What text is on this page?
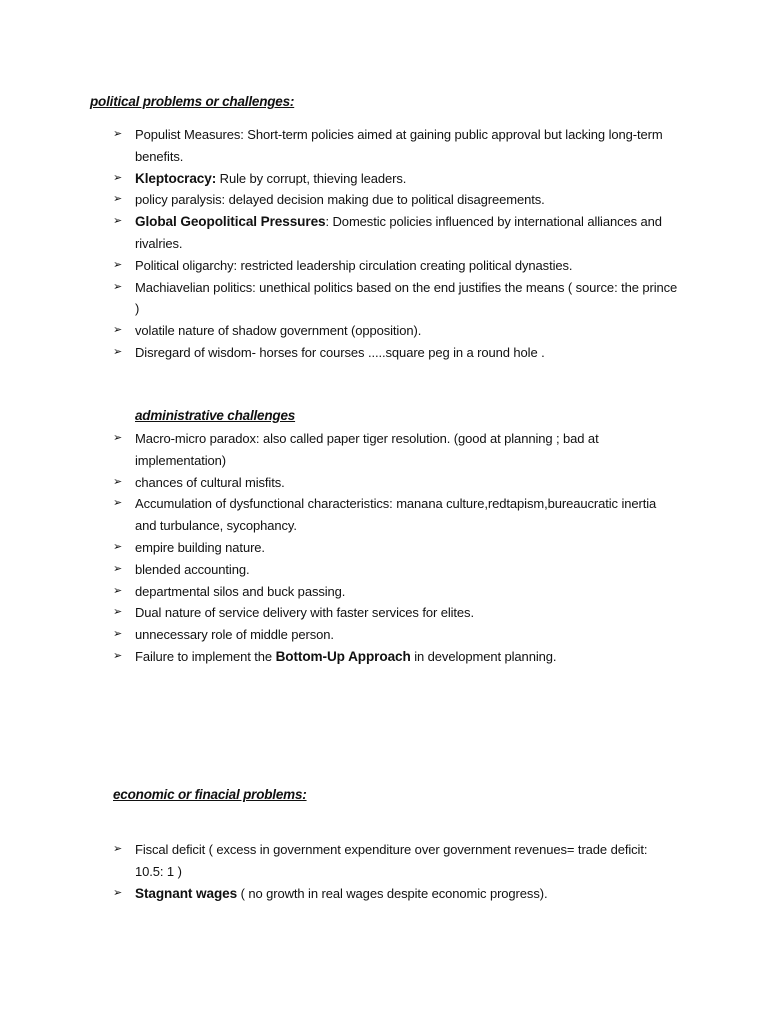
political problems or challenges:
➢ Populist Measures: Short-term policies aimed at gaining public approval but lacking long-term benefits.
➢ Kleptocracy: Rule by corrupt, thieving leaders.
➢ policy paralysis: delayed decision making due to political disagreements.
➢ Global Geopolitical Pressures: Domestic policies influenced by international alliances and rivalries.
➢ Political oligarchy: restricted leadership circulation creating political dynasties.
➢ Machiavelian politics: unethical politics based on the end justifies the means ( source: the prince )
➢ volatile nature of shadow government (opposition).
➢ Disregard of wisdom- horses for courses .....square peg in a round hole .
administrative challenges
➢ Macro-micro paradox: also called paper tiger resolution. (good at planning ; bad at implementation)
➢ chances of cultural misfits.
➢ Accumulation of dysfunctional characteristics: manana culture,redtapism,bureaucratic inertia and turbulance, sycophancy.
➢ empire building nature.
➢ blended accounting.
➢ departmental silos and buck passing.
➢ Dual nature of service delivery with faster services for elites.
➢ unnecessary role of middle person.
➢ Failure to implement the Bottom-Up Approach in development planning.
economic or finacial problems:
➢ Fiscal deficit ( excess in government expenditure over government revenues= trade deficit: 10.5: 1 )
➢ Stagnant wages ( no growth in real wages despite economic progress).
